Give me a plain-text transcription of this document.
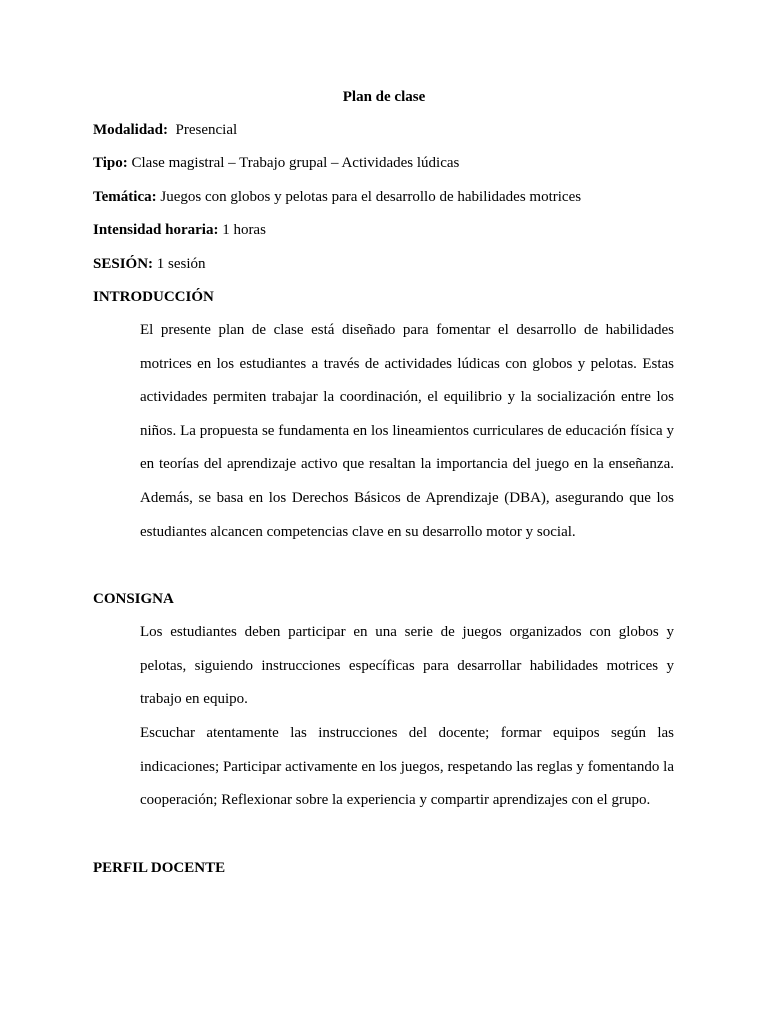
Plan de clase
Modalidad: Presencial
Tipo: Clase magistral – Trabajo grupal – Actividades lúdicas
Temática: Juegos con globos y pelotas para el desarrollo de habilidades motrices
Intensidad horaria: 1 horas
SESIÓN: 1 sesión
INTRODUCCIÓN

El presente plan de clase está diseñado para fomentar el desarrollo de habilidades motrices en los estudiantes a través de actividades lúdicas con globos y pelotas. Estas actividades permiten trabajar la coordinación, el equilibrio y la socialización entre los niños. La propuesta se fundamenta en los lineamientos curriculares de educación física y en teorías del aprendizaje activo que resaltan la importancia del juego en la enseñanza. Además, se basa en los Derechos Básicos de Aprendizaje (DBA), asegurando que los estudiantes alcancen competencias clave en su desarrollo motor y social.

CONSIGNA

Los estudiantes deben participar en una serie de juegos organizados con globos y pelotas, siguiendo instrucciones específicas para desarrollar habilidades motrices y trabajo en equipo.

Escuchar atentamente las instrucciones del docente; formar equipos según las indicaciones; Participar activamente en los juegos, respetando las reglas y fomentando la cooperación; Reflexionar sobre la experiencia y compartir aprendizajes con el grupo.

PERFIL DOCENTE
